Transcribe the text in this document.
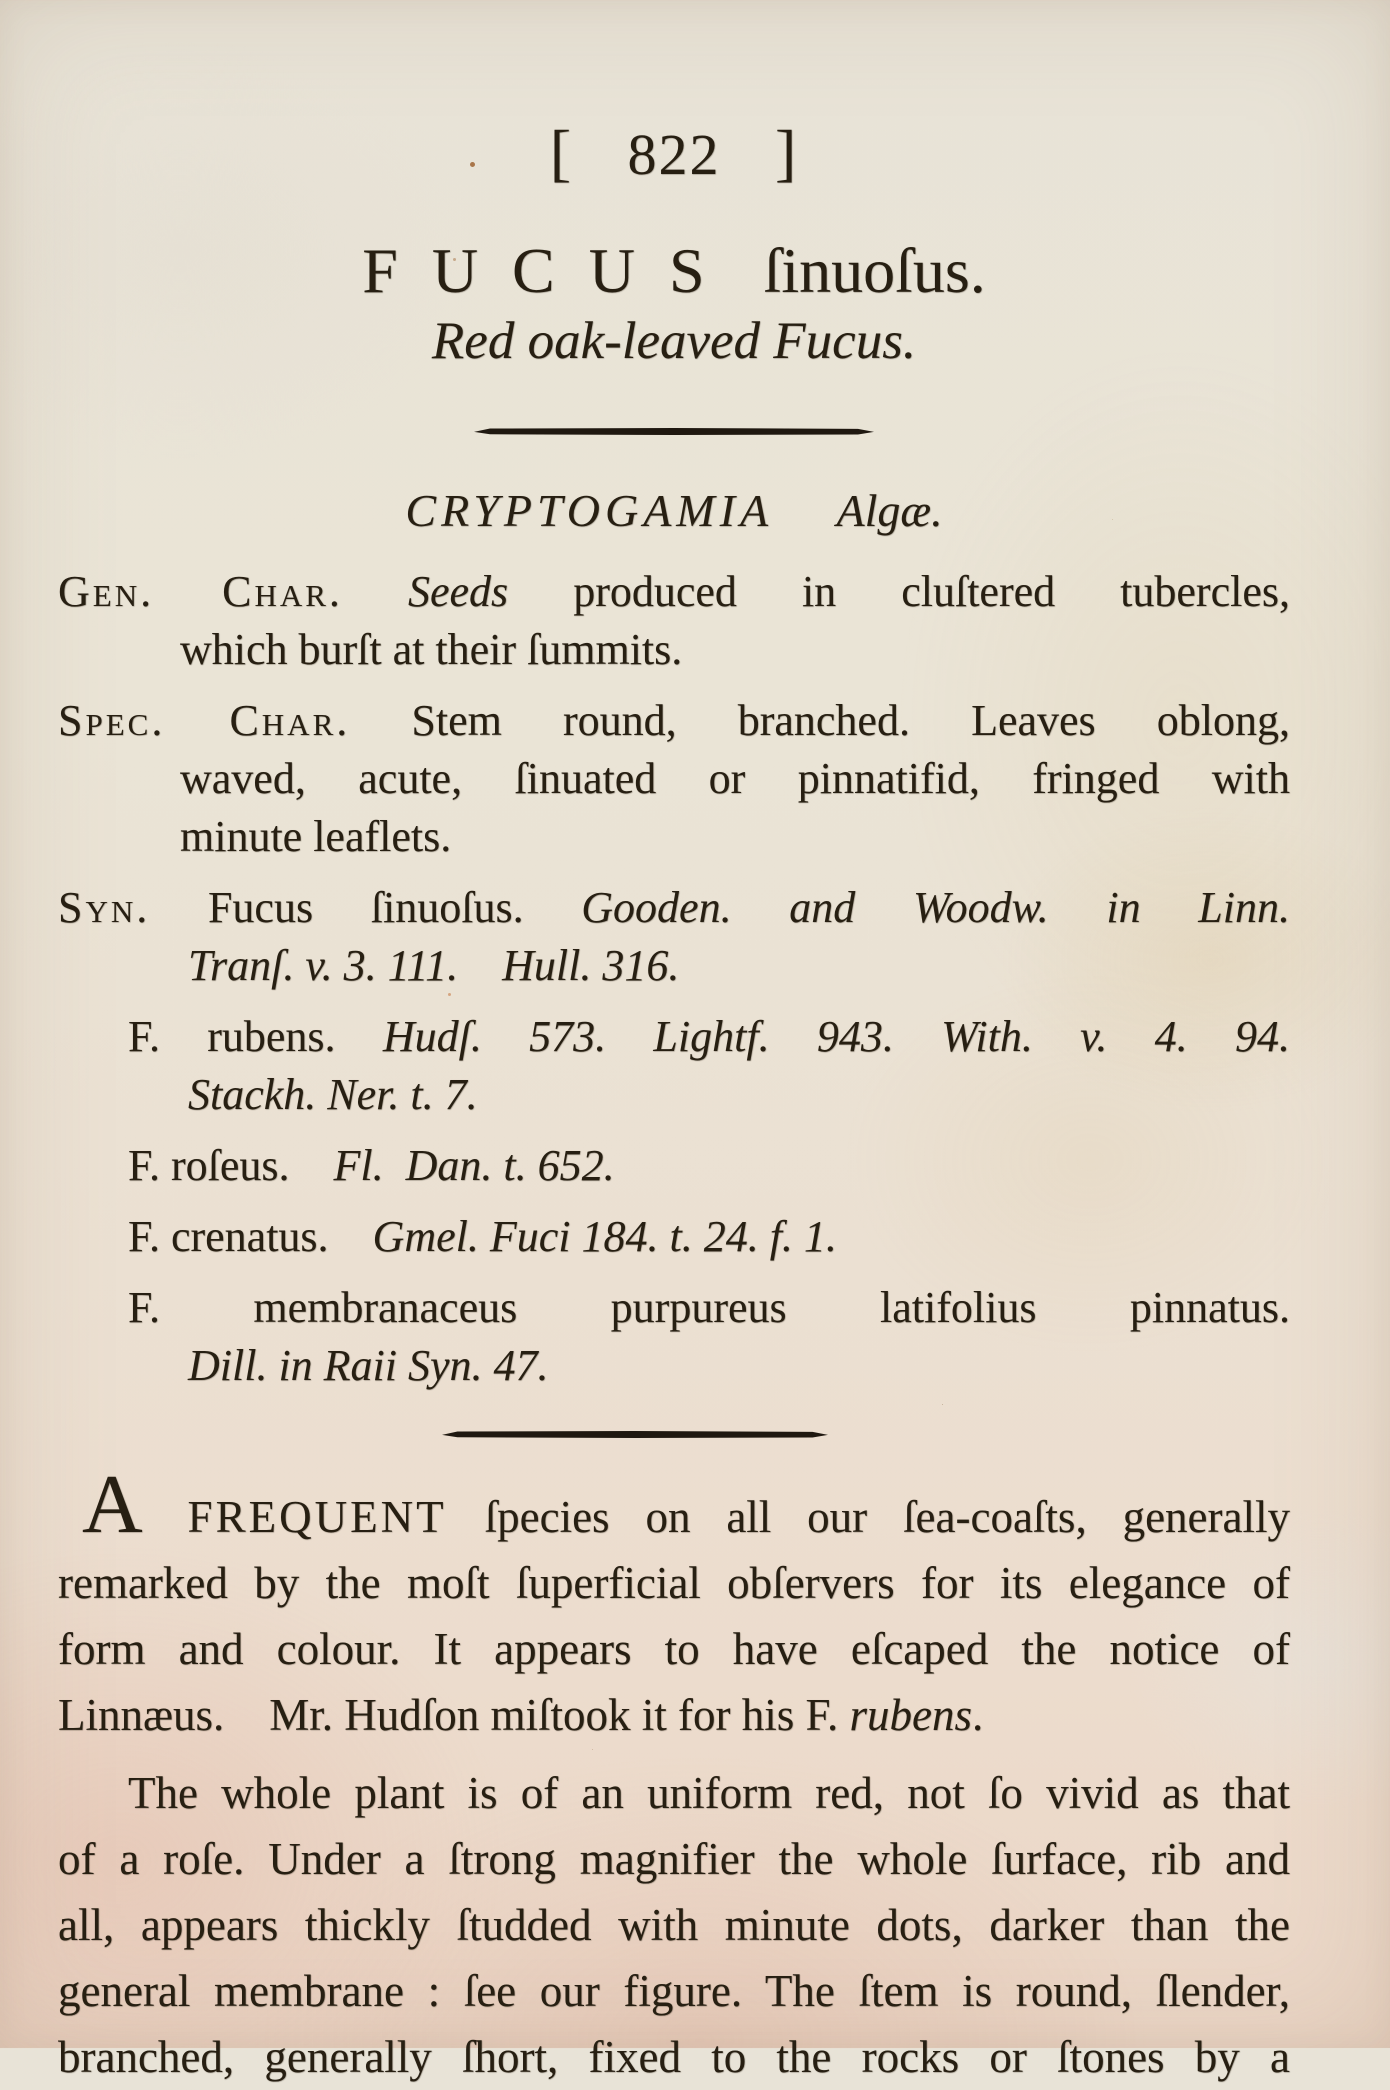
[ 822 ]
F U C U S ſinuoſus.
Red oak-leaved Fucus.
CRYPTOGAMIA Algæ.
Gen. Char. Seeds produced in cluſtered tubercles,
which burſt at their ſummits.
Spec. Char. Stem round, branched. Leaves oblong,
waved, acute, ſinuated or pinnatifid, fringed with
minute leaflets.
Syn. Fucus ſinuoſus. Gooden. and Woodw. in Linn.
Tranſ. v. 3. 111. Hull. 316.
F. rubens. Hudſ. 573. Lightf. 943. With. v. 4. 94.
Stackh. Ner. t. 7.
F. roſeus. Fl. Dan. t. 652.
F. crenatus. Gmel. Fuci 184. t. 24. f. 1.
F. membranaceus purpureus latifolius pinnatus.
Dill. in Raii Syn. 47.
A FREQUENT ſpecies on all our ſea-coaſts, generally
remarked by the moſt ſuperficial obſervers for its elegance of
form and colour. It appears to have eſcaped the notice of
Linnæus. Mr. Hudſon miſtook it for his F. rubens.
The whole plant is of an uniform red, not ſo vivid as that
of a roſe. Under a ſtrong magnifier the whole ſurface, rib and
all, appears thickly ſtudded with minute dots, darker than the
general membrane : ſee our figure. The ſtem is round, ſlender,
branched, generally ſhort, fixed to the rocks or ſtones by a
